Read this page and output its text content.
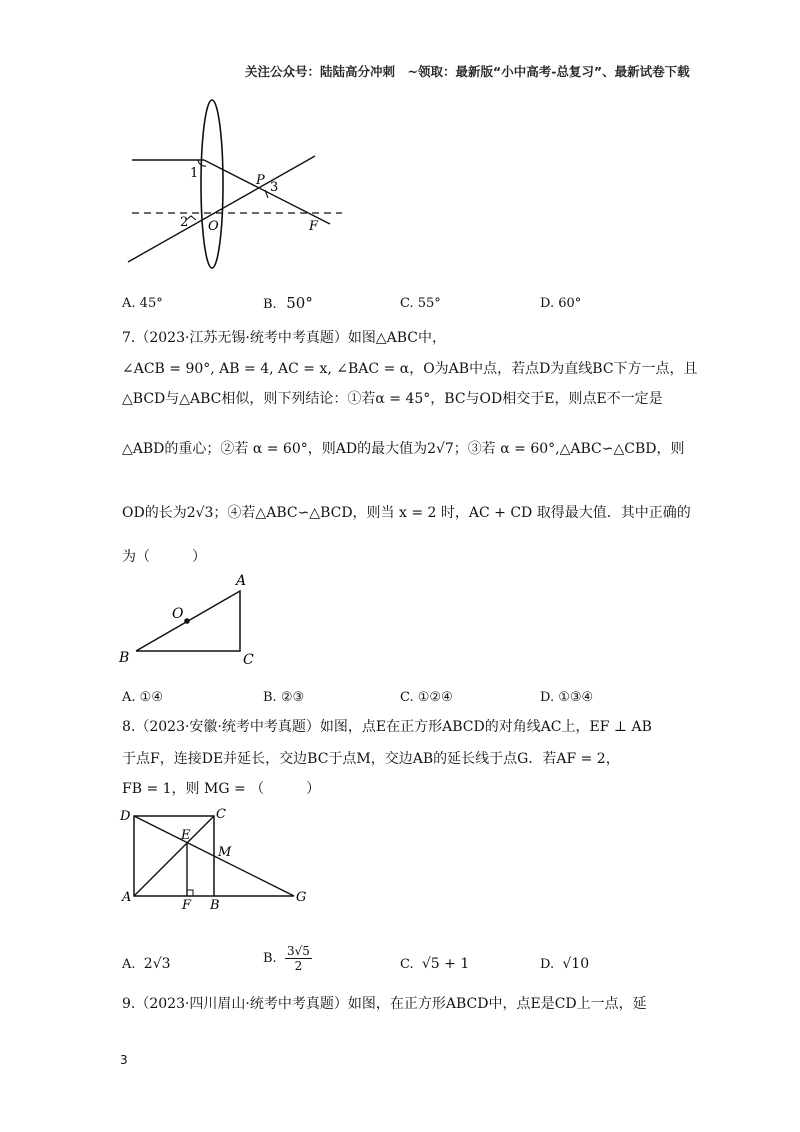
关注公众号：陆陆高分冲刺　~领取：最新版“小中高考-总复习”、最新试卷下载
1
2
3
P
O	F
A. 45°	B. 50°	C. 55°	D. 60°
7.（2023·江苏无锡·统考中考真题）如图△ABC中，
∠ACB = 90°, AB = 4, AC = x, ∠BAC = α，O为AB中点，若点D为直线BC下方一点，且
△BCD与△ABC相似，则下列结论：①若α = 45°，BC与OD相交于E，则点E不一定是
△ABD的重心；②若 α = 60°，则AD的最大值为2√7；③若 α = 60°,△ABC∽△CBD，则
OD的长为2√3；④若△ABC∽△BCD，则当 x = 2 时，AC + CD 取得最大值．其中正确的
为（　　　）
A
B	C
O
A. ①④	B. ②③	C. ①②④	D. ①③④
8.（2023·安徽·统考中考真题）如图，点E在正方形ABCD的对角线AC上，EF ⊥ AB
于点F，连接DE并延长，交边BC于点M，交边AB的延长线于点G．若AF = 2，
FB = 1，则 MG = （　　　）
D	C
E
M
A
F B
G
A. 2√3	B. $\frac{3√5}{2}$	C. √5 + 1	D. √10
9.（2023·四川眉山·统考中考真题）如图，在正方形ABCD中，点E是CD上一点，延
3
